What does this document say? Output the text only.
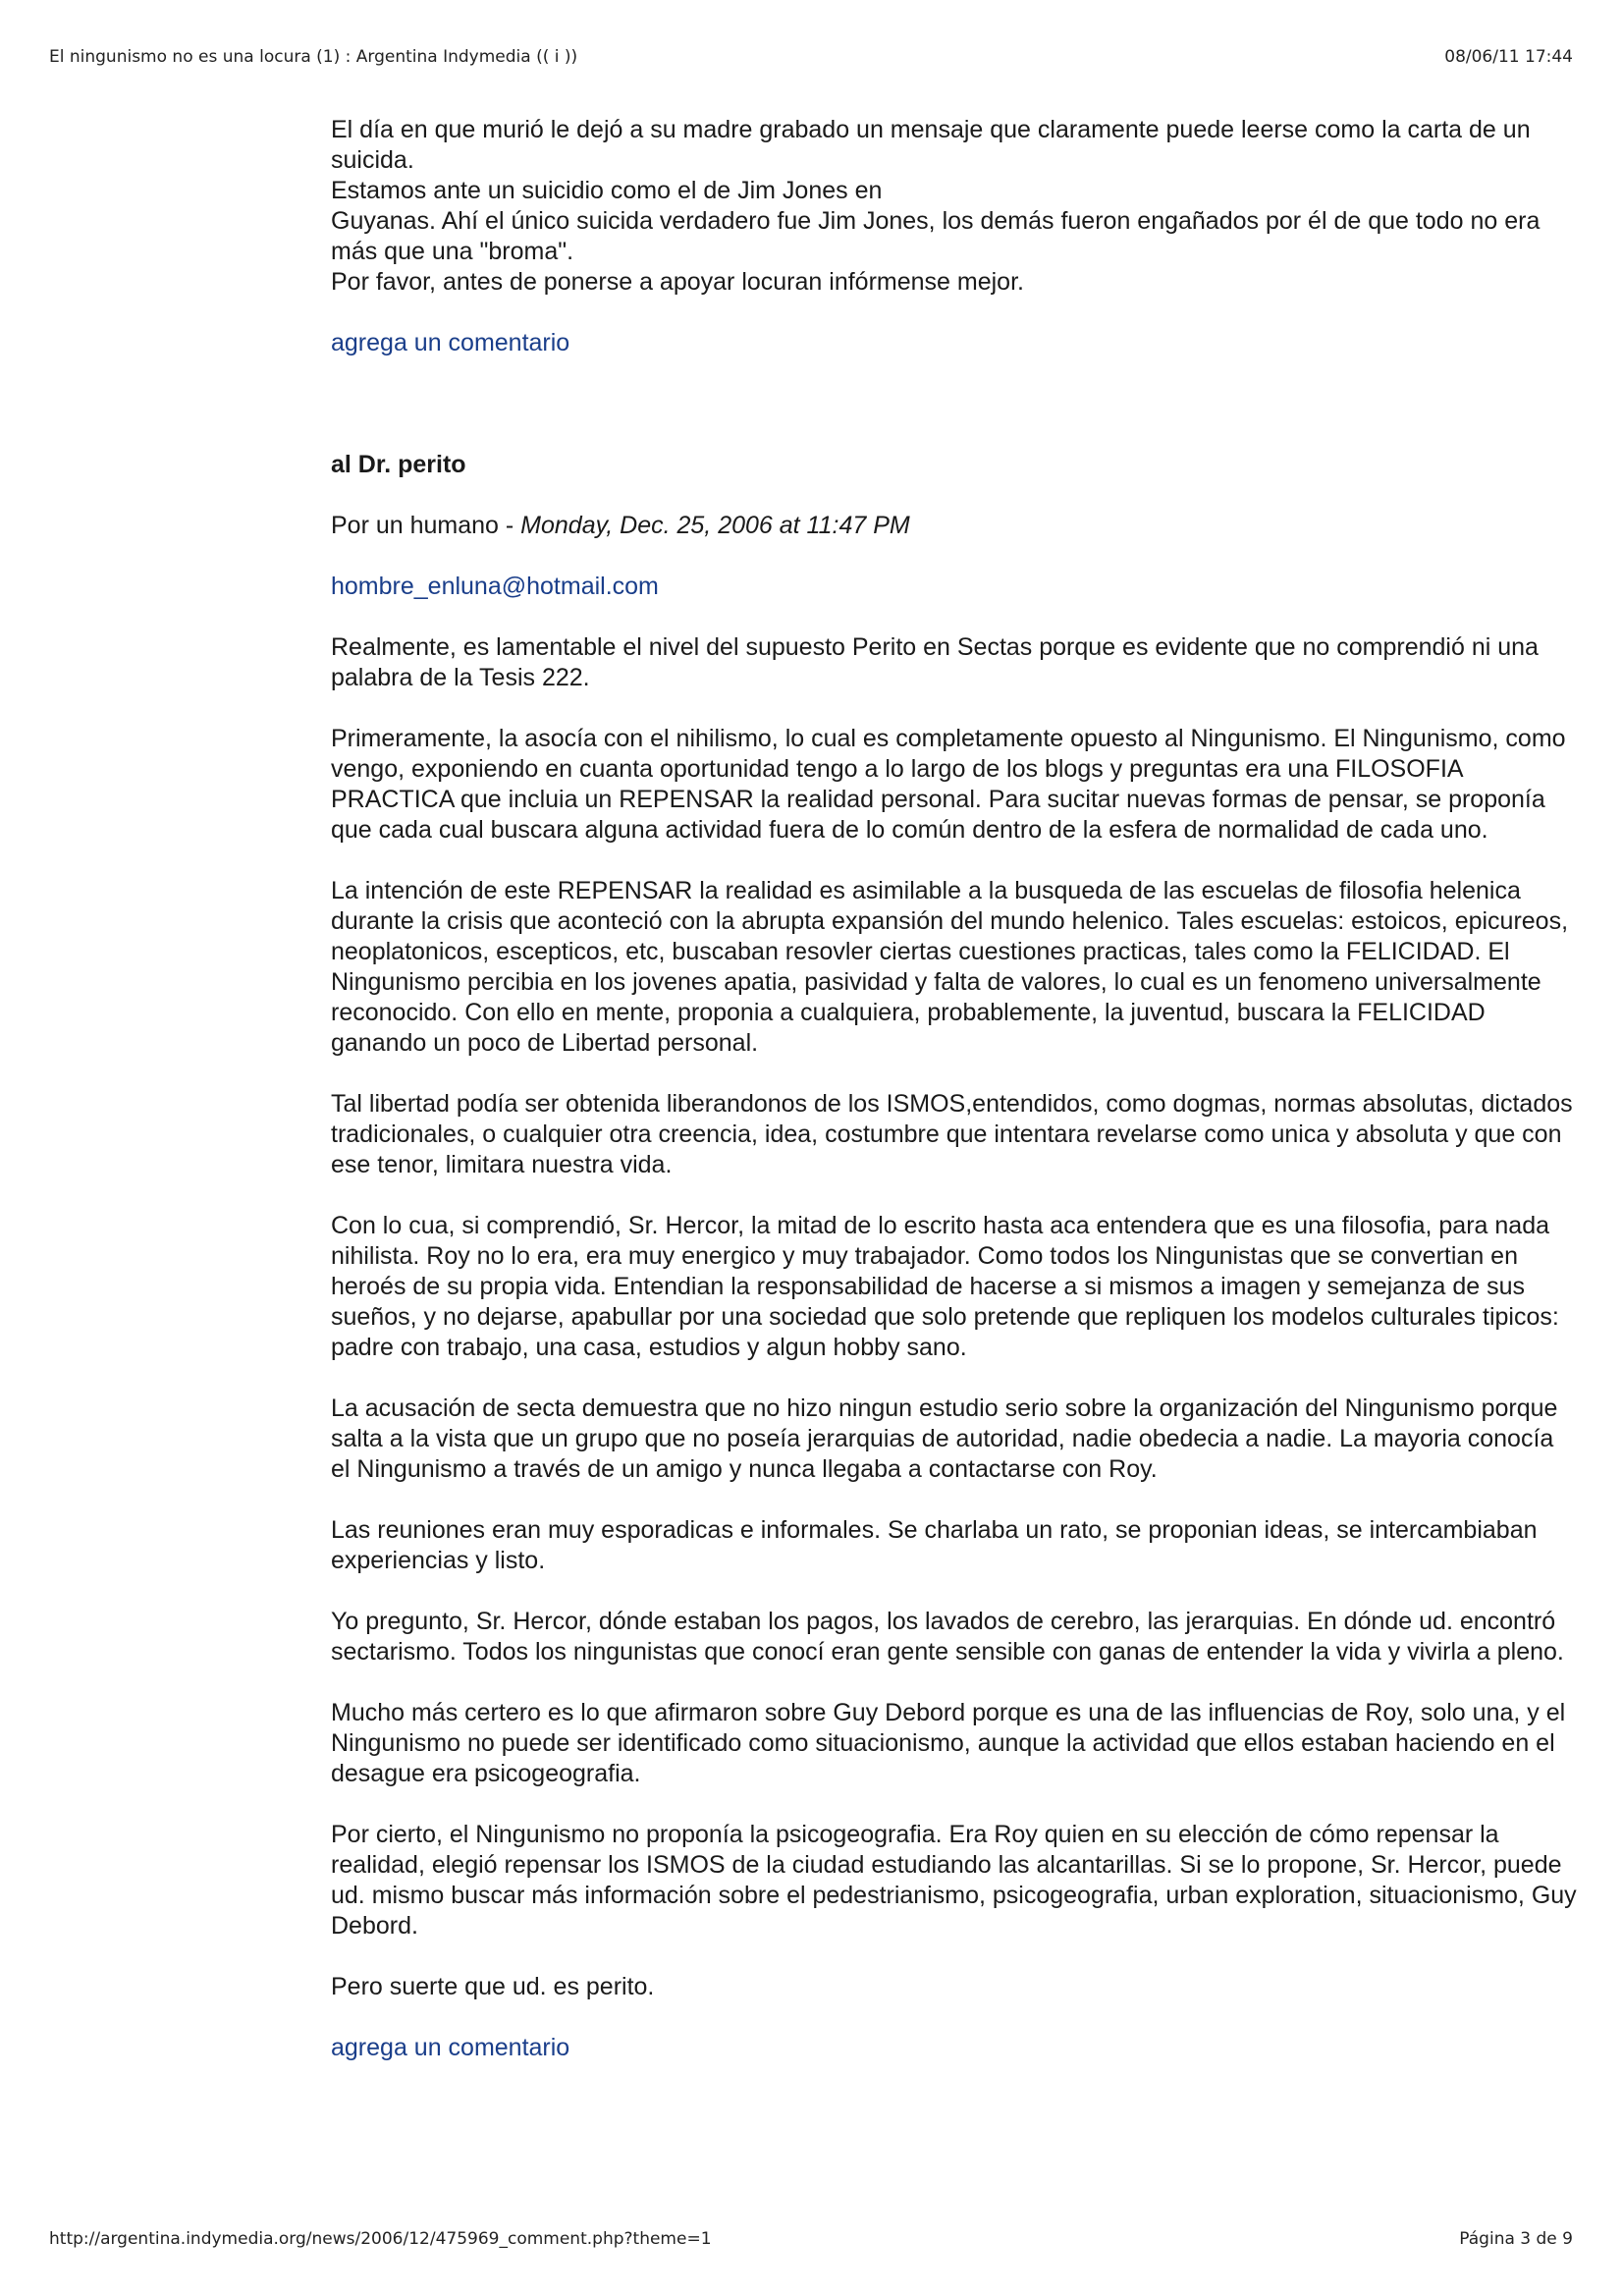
El ningunismo no es una locura (1) : Argentina Indymedia (( i ))	08/06/11 17:44

El día en que murió le dejó a su madre grabado un mensaje que claramente puede leerse como la carta de un suicida.

Estamos ante un suicidio como el de Jim Jones en

Guyanas. Ahí el único suicida verdadero fue Jim Jones, los demás fueron engañados por él de que todo no era más que una "broma".

Por favor, antes de ponerse a apoyar locuran infórmense mejor.

agrega un comentario

al Dr. perito

Por un humano - Monday, Dec. 25, 2006 at 11:47 PM

hombre_enluna@hotmail.com

Realmente, es lamentable el nivel del supuesto Perito en Sectas porque es evidente que no comprendió ni una palabra de la Tesis 222.

Primeramente, la asocía con el nihilismo, lo cual es completamente opuesto al Ningunismo. El Ningunismo, como vengo, exponiendo en cuanta oportunidad tengo a lo largo de los blogs y preguntas era una FILOSOFIA PRACTICA que incluia un REPENSAR la realidad personal. Para sucitar nuevas formas de pensar, se proponía que cada cual buscara alguna actividad fuera de lo común dentro de la esfera de normalidad de cada uno.

La intención de este REPENSAR la realidad es asimilable a la busqueda de las escuelas de filosofia helenica durante la crisis que aconteció con la abrupta expansión del mundo helenico. Tales escuelas: estoicos, epicureos, neoplatonicos, escepticos, etc, buscaban resovler ciertas cuestiones practicas, tales como la FELICIDAD. El Ningunismo percibia en los jovenes apatia, pasividad y falta de valores, lo cual es un fenomeno universalmente reconocido. Con ello en mente, proponia a cualquiera, probablemente, la juventud, buscara la FELICIDAD ganando un poco de Libertad personal.

Tal libertad podía ser obtenida liberandonos de los ISMOS,entendidos, como dogmas, normas absolutas, dictados tradicionales, o cualquier otra creencia, idea, costumbre que intentara revelarse como unica y absoluta y que con ese tenor, limitara nuestra vida.

Con lo cua, si comprendió, Sr. Hercor, la mitad de lo escrito hasta aca entendera que es una filosofia, para nada nihilista. Roy no lo era, era muy energico y muy trabajador. Como todos los Ningunistas que se convertian en heroés de su propia vida. Entendian la responsabilidad de hacerse a si mismos a imagen y semejanza de sus sueños, y no dejarse, apabullar por una sociedad que solo pretende que repliquen los modelos culturales tipicos: padre con trabajo, una casa, estudios y algun hobby sano.

La acusación de secta demuestra que no hizo ningun estudio serio sobre la organización del Ningunismo porque salta a la vista que un grupo que no poseía jerarquias de autoridad, nadie obedecia a nadie. La mayoria conocía el Ningunismo a través de un amigo y nunca llegaba a contactarse con Roy.

Las reuniones eran muy esporadicas e informales. Se charlaba un rato, se proponian ideas, se intercambiaban experiencias y listo.

Yo pregunto, Sr. Hercor, dónde estaban los pagos, los lavados de cerebro, las jerarquias. En dónde ud. encontró sectarismo. Todos los ningunistas que conocí eran gente sensible con ganas de entender la vida y vivirla a pleno.

Mucho más certero es lo que afirmaron sobre Guy Debord porque es una de las influencias de Roy, solo una, y el Ningunismo no puede ser identificado como situacionismo, aunque la actividad que ellos estaban haciendo en el desague era psicogeografia.

Por cierto, el Ningunismo no proponía la psicogeografia. Era Roy quien en su elección de cómo repensar la realidad, elegió repensar los ISMOS de la ciudad estudiando las alcantarillas. Si se lo propone, Sr. Hercor, puede ud. mismo buscar más información sobre el pedestrianismo, psicogeografia, urban exploration, situacionismo, Guy Debord.

Pero suerte que ud. es perito.

agrega un comentario
http://argentina.indymedia.org/news/2006/12/475969_comment.php?theme=1	Página 3 de 9
